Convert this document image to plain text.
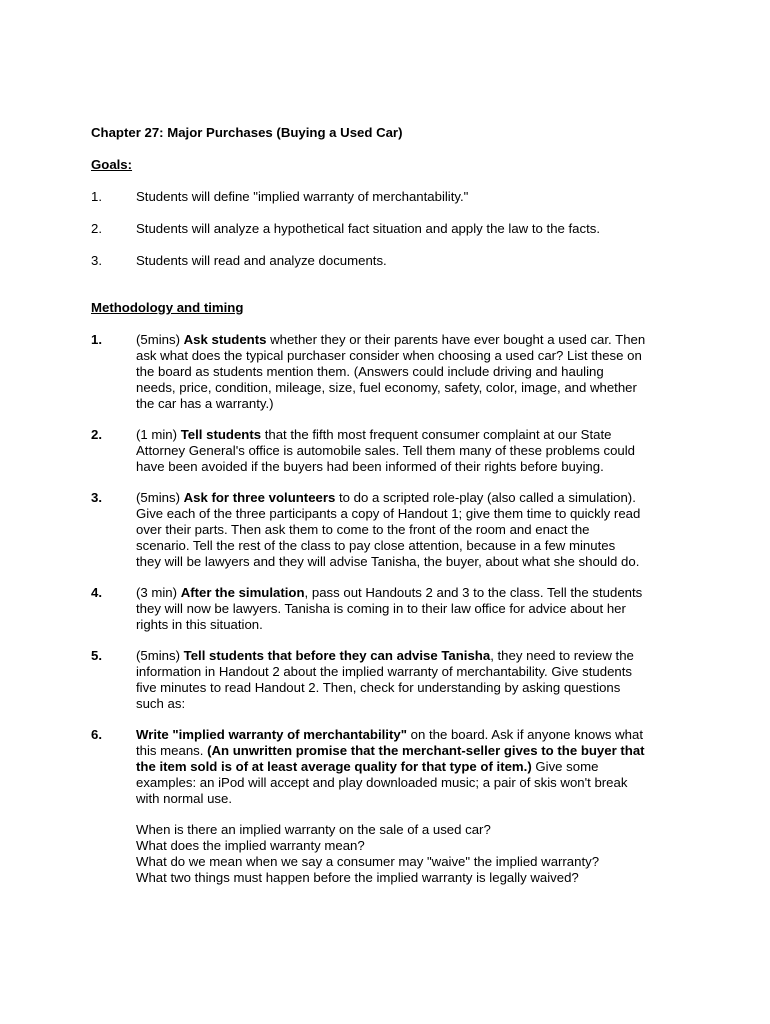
Chapter 27: Major Purchases (Buying a Used Car)
Goals:
1.	Students will define "implied warranty of merchantability."
2.	Students will analyze a hypothetical fact situation and apply the law to the facts.
3.	Students will read and analyze documents.
Methodology and timing
1.	(5mins) Ask students whether they or their parents have ever bought a used car. Then
ask what does the typical purchaser consider when choosing a used car? List these on
the board as students mention them. (Answers could include driving and hauling
needs, price, condition, mileage, size, fuel economy, safety, color, image, and whether
the car has a warranty.)
2.	(1 min) Tell students that the fifth most frequent consumer complaint at our State
Attorney General's office is automobile sales. Tell them many of these problems could
have been avoided if the buyers had been informed of their rights before buying.
3.	(5mins) Ask for three volunteers to do a scripted role-play (also called a simulation).
Give each of the three participants a copy of Handout 1; give them time to quickly read
over their parts. Then ask them to come to the front of the room and enact the
scenario. Tell the rest of the class to pay close attention, because in a few minutes
they will be lawyers and they will advise Tanisha, the buyer, about what she should do.
4.	(3 min) After the simulation, pass out Handouts 2 and 3 to the class. Tell the students
they will now be lawyers. Tanisha is coming in to their law office for advice about her
rights in this situation.
5.	(5mins) Tell students that before they can advise Tanisha, they need to review the
information in Handout 2 about the implied warranty of merchantability. Give students
five minutes to read Handout 2. Then, check for understanding by asking questions
such as:
6.	Write "implied warranty of merchantability" on the board. Ask if anyone knows what
this means. (An unwritten promise that the merchant-seller gives to the buyer that
the item sold is of at least average quality for that type of item.) Give some
examples: an iPod will accept and play downloaded music; a pair of skis won't break
with normal use.
When is there an implied warranty on the sale of a used car?
What does the implied warranty mean?
What do we mean when we say a consumer may "waive" the implied warranty?
What two things must happen before the implied warranty is legally waived?
